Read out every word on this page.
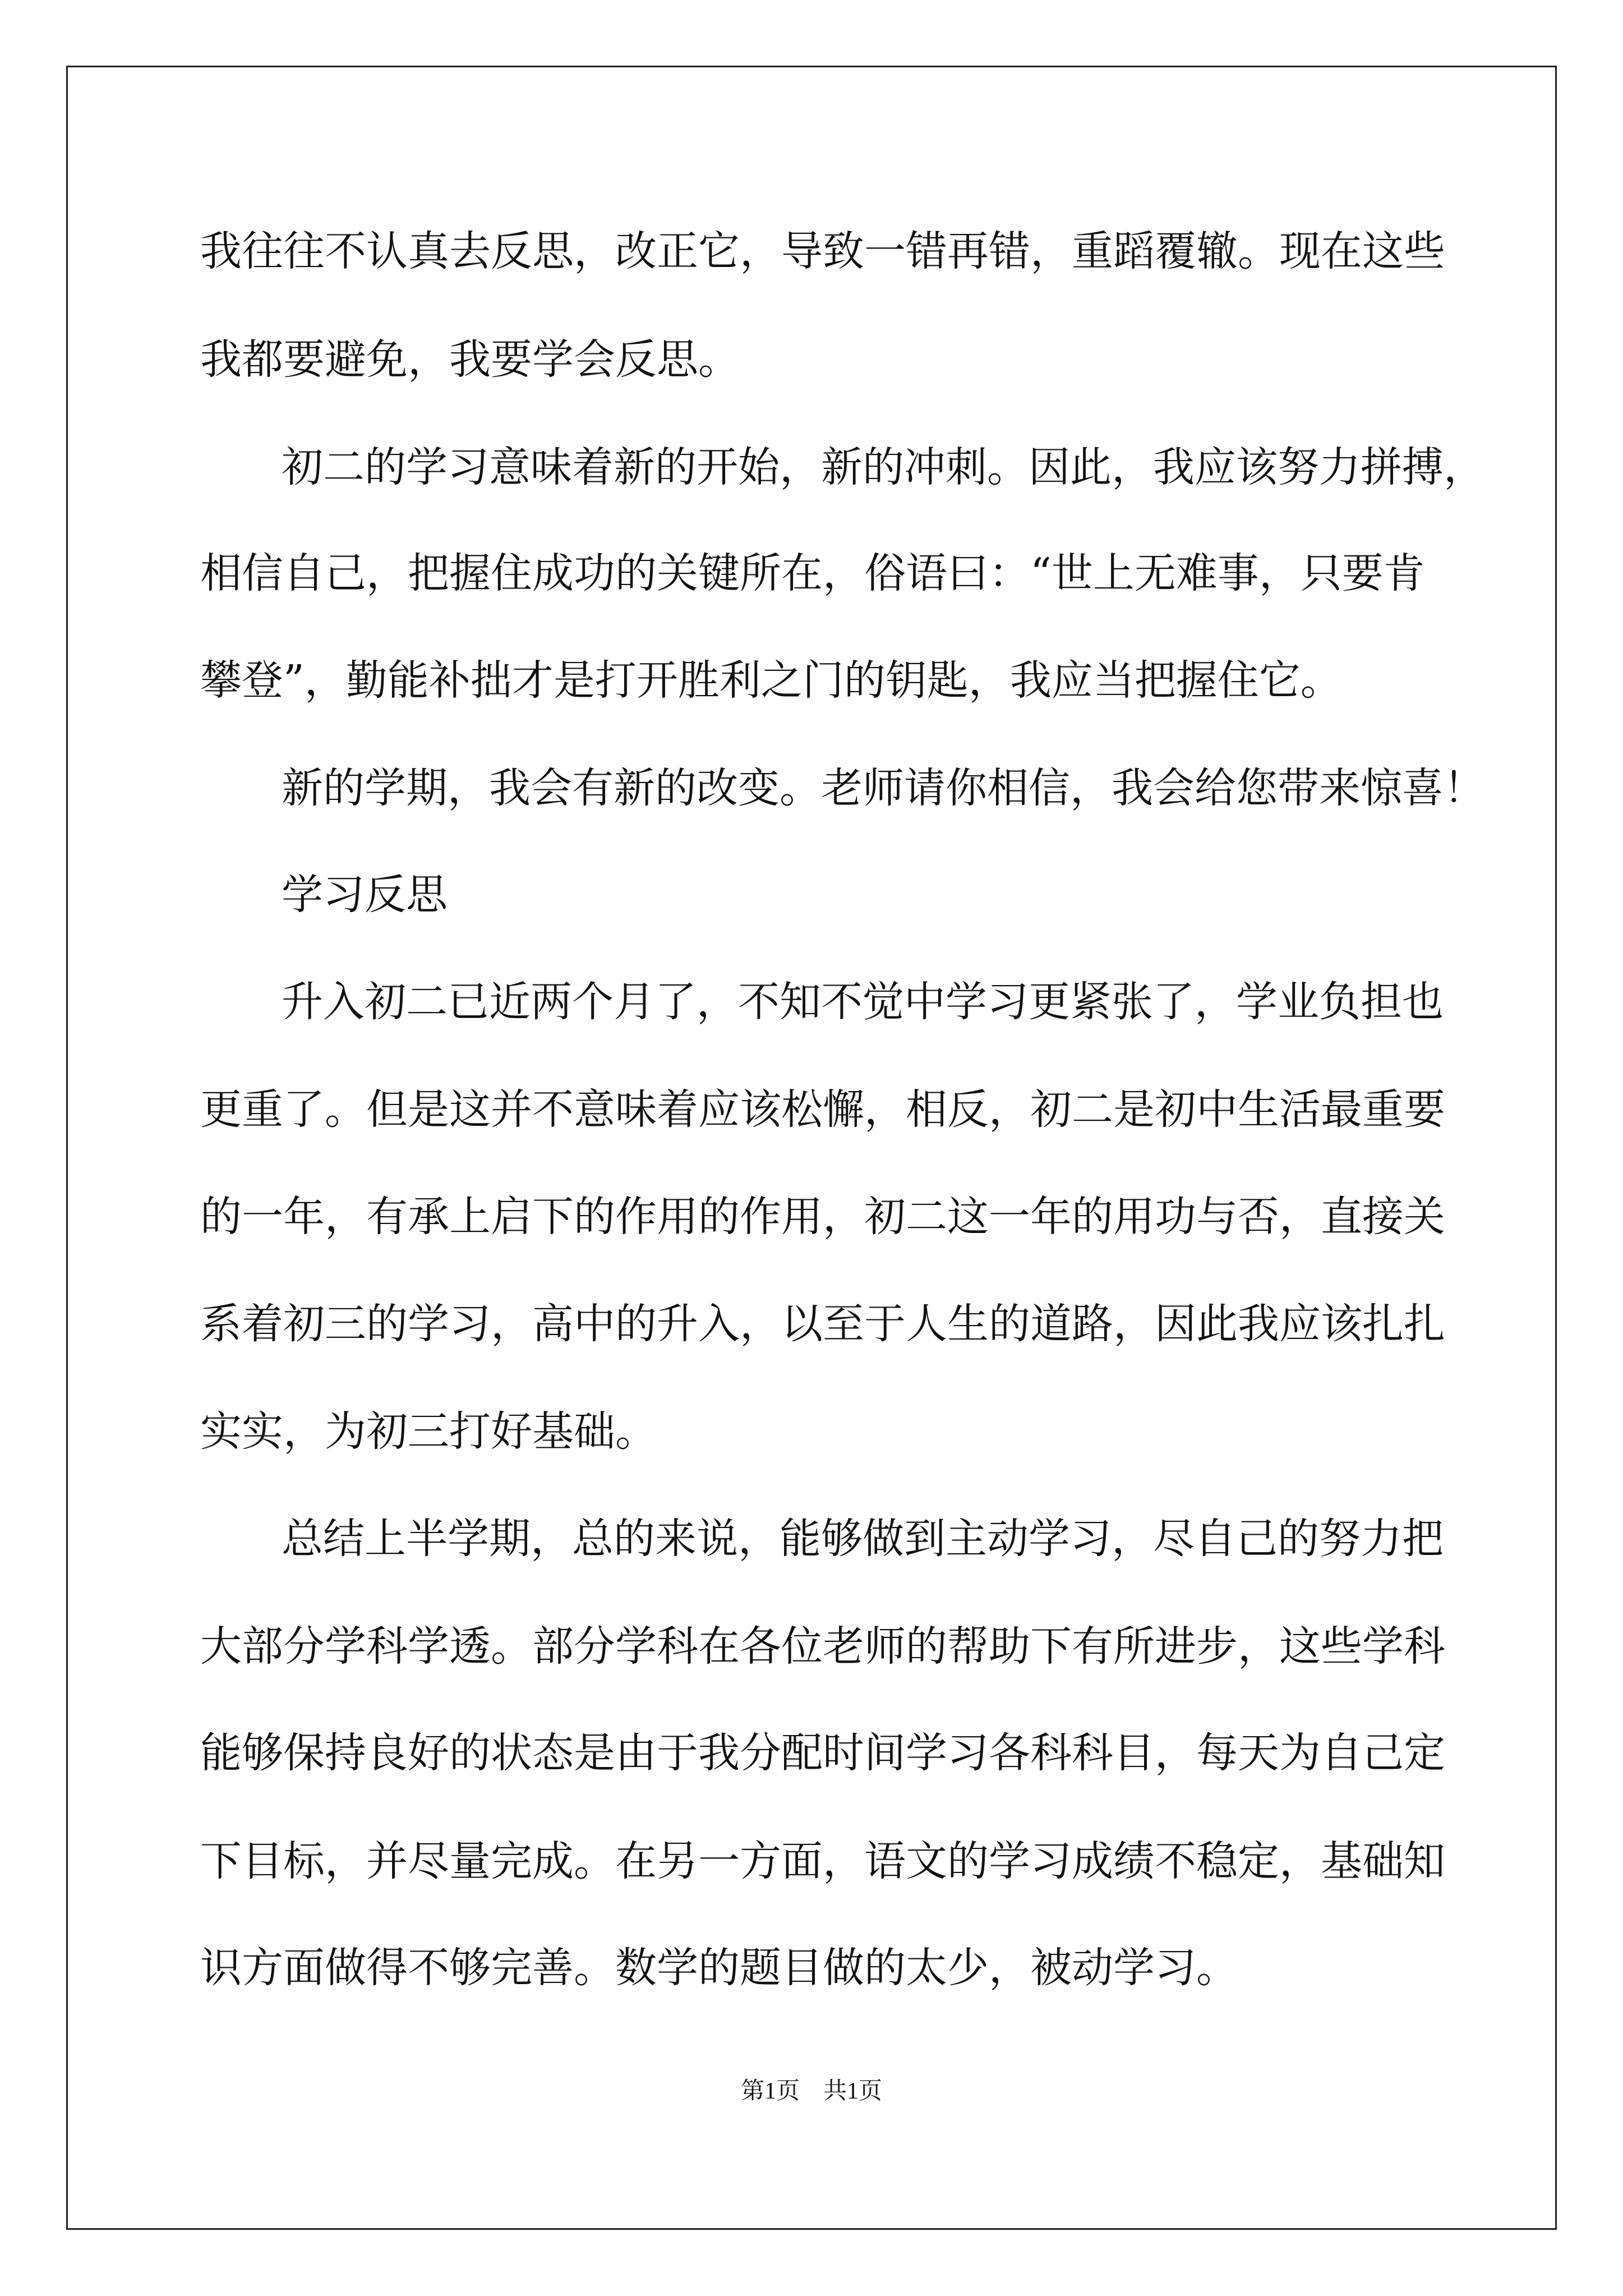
我往往不认真去反思，改正它，导致一错再错，重蹈覆辙。现在这些
我都要避免，我要学会反思。
初二的学习意味着新的开始，新的冲刺。因此，我应该努力拼搏，
相信自己，把握住成功的关键所在，俗语曰：“世上无难事，只要肯
攀登”，勤能补拙才是打开胜利之门的钥匙，我应当把握住它。
新的学期，我会有新的改变。老师请你相信，我会给您带来惊喜！
学习反思
升入初二已近两个月了，不知不觉中学习更紧张了，学业负担也
更重了。但是这并不意味着应该松懈，相反，初二是初中生活最重要
的一年，有承上启下的作用的作用，初二这一年的用功与否，直接关
系着初三的学习，高中的升入，以至于人生的道路，因此我应该扎扎
实实，为初三打好基础。
总结上半学期，总的来说，能够做到主动学习，尽自己的努力把
大部分学科学透。部分学科在各位老师的帮助下有所进步，这些学科
能够保持良好的状态是由于我分配时间学习各科科目，每天为自己定
下目标，并尽量完成。在另一方面，语文的学习成绩不稳定，基础知
识方面做得不够完善。数学的题目做的太少，被动学习。
第1页　共1页
